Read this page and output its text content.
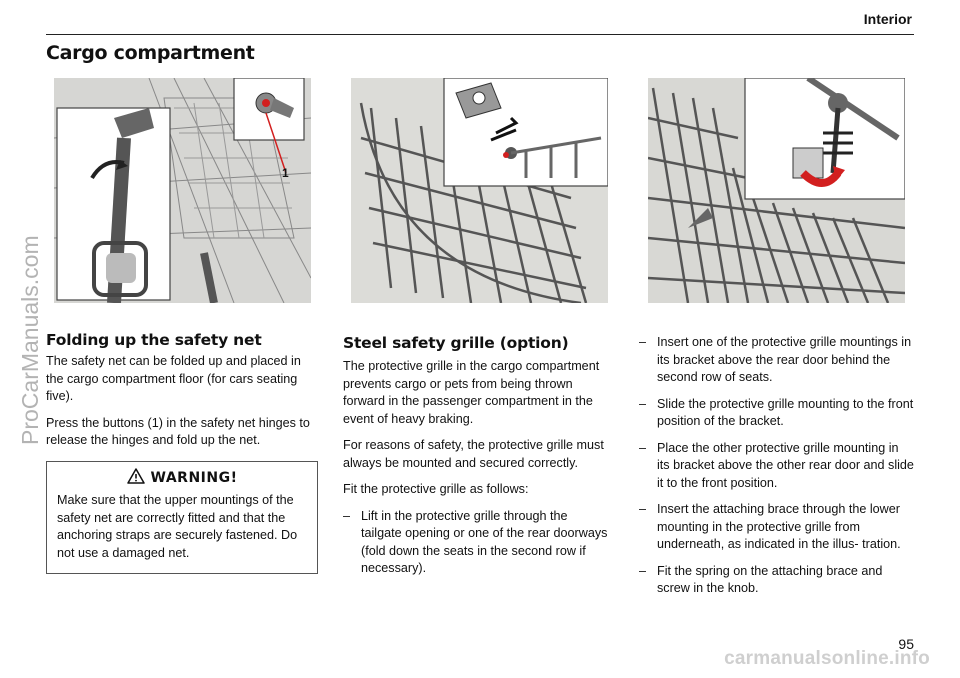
Interior
Cargo compartment
1
Folding up the safety net

The safety net can be folded up and placed in the cargo compartment floor (for cars seating five).

Press the buttons (1) in the safety net hinges to release the hinges and fold up the net.

WARNING!
Make sure that the upper mountings of the safety net are correctly fitted and that the anchoring straps are securely fastened. Do not use a damaged net.
Steel safety grille (option)

The protective grille in the cargo compartment prevents cargo or pets from being thrown forward in the passenger compartment in the event of heavy braking.

For reasons of safety, the protective grille must always be mounted and secured correctly.

Fit the protective grille as follows:

– Lift in the protective grille through the tailgate opening or one of the rear doorways (fold down the seats in the second row if necessary).
– Insert one of the protective grille mountings in its bracket above the rear door behind the second row of seats.
– Slide the protective grille mounting to the front position of the bracket.
– Place the other protective grille mounting in its bracket above the other rear door and slide it to the front position.
– Insert the attaching brace through the lower mounting in the protective grille from underneath, as indicated in the illus- tration.
– Fit the spring on the attaching brace and screw in the knob.
95
ProCarManuals.com
carmanualsonline.info
